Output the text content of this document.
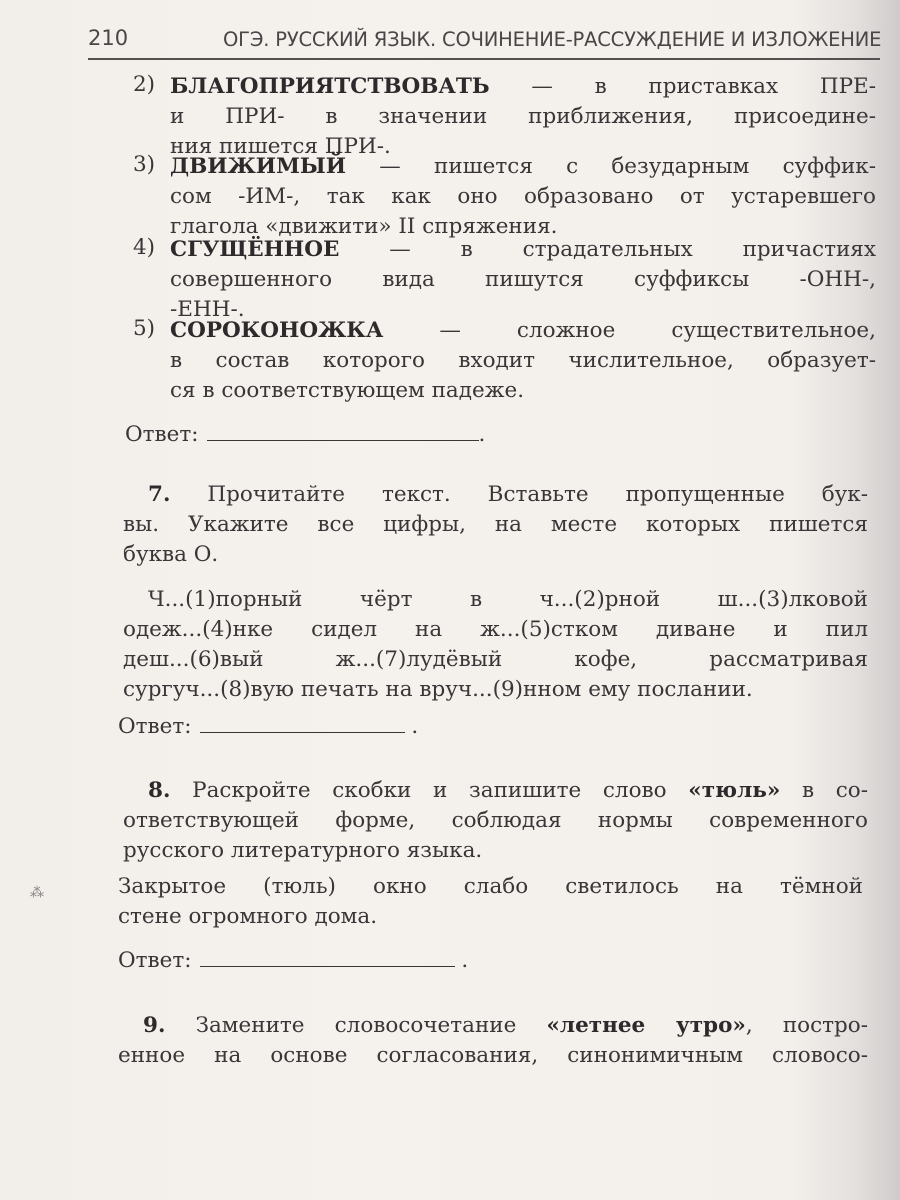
210	ОГЭ. РУССКИЙ ЯЗЫК. СОЧИНЕНИЕ-РАССУЖДЕНИЕ И ИЗЛОЖЕНИЕ
2) БЛАГОПРИЯТСТВОВАТЬ — в приставках ПРЕ-
и ПРИ- в значении приближения, присоедине-
ния пишется ПРИ-.
3) ДВИЖИМЫЙ — пишется с безударным суффик-
сом -ИМ-, так как оно образовано от устаревшего
глагола «движити» II спряжения.
4) СГУЩЁННОЕ — в страдательных причастиях
совершенного вида пишутся суффиксы -ОНН-,
-ЕНН-.
5) СОРОКОНОЖКА	— сложное существительное,
в состав которого входит числительное, образует-
ся в соответствующем падеже.
Ответ:	.
7. Прочитайте текст. Вставьте пропущенные бук-
вы. Укажите все цифры, на месте которых пишется
буква О.
Ч...(1)порный чёрт в ч...(2)рной ш...(3)лковой
одеж...(4)нке сидел на ж...(5)стком диване и пил
деш...(6)вый ж...(7)лудёвый кофе, рассматривая
сургуч...(8)вую печать на вруч...(9)нном ему послании.
Ответ:	.
8. Раскройте скобки и запишите слово «тюль» в со-
ответствующей форме, соблюдая нормы современного
русского литературного языка.
⁂	Закрытое (тюль) окно слабо светилось на тёмной
стене огромного дома.
Ответ:	.
9. Замените словосочетание «летнее утро», постро-
енное на основе согласования, синонимичным словосо-
